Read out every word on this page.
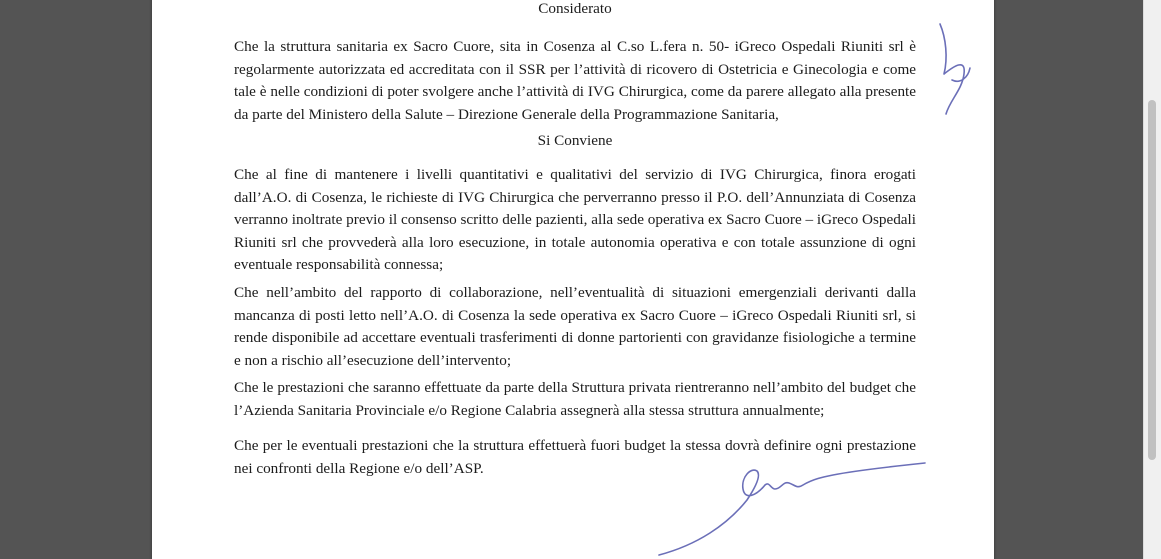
Considerato

Che la struttura sanitaria ex Sacro Cuore, sita in Cosenza al C.so L.fera n. 50- iGreco Ospedali Riuniti srl è regolarmente autorizzata ed accreditata con il SSR per l’attività di ricovero di Ostetricia e Ginecologia e come tale è nelle condizioni di poter svolgere anche l’attività di IVG Chirurgica, come da parere allegato alla presente da parte del Ministero della Salute – Direzione Generale della Programmazione Sanitaria,

Si Conviene

Che al fine di mantenere i livelli quantitativi e qualitativi del servizio di IVG Chirurgica, finora erogati dall’A.O. di Cosenza, le richieste di IVG Chirurgica che perverranno presso il P.O. dell’Annunziata di Cosenza verranno inoltrate previo il consenso scritto delle pazienti, alla sede operativa ex Sacro Cuore – iGreco Ospedali Riuniti srl che provvederà alla loro esecuzione, in totale autonomia operativa e con totale assunzione di ogni eventuale responsabilità connessa;

Che nell’ambito del rapporto di collaborazione, nell’eventualità di situazioni emergenziali derivanti dalla mancanza di posti letto nell’A.O. di Cosenza la sede operativa ex Sacro Cuore – iGreco Ospedali Riuniti srl, si rende disponibile ad accettare eventuali trasferimenti di donne partorienti con gravidanze fisiologiche a termine e non a rischio all’esecuzione dell’intervento;

Che le prestazioni che saranno effettuate da parte della Struttura privata rientreranno nell’ambito del budget che l’Azienda Sanitaria Provinciale e/o Regione Calabria assegnerà alla stessa struttura annualmente;

Che per le eventuali prestazioni che la struttura effettuerà fuori budget la stessa dovrà definire ogni prestazione nei confronti della Regione e/o dell’ASP.
